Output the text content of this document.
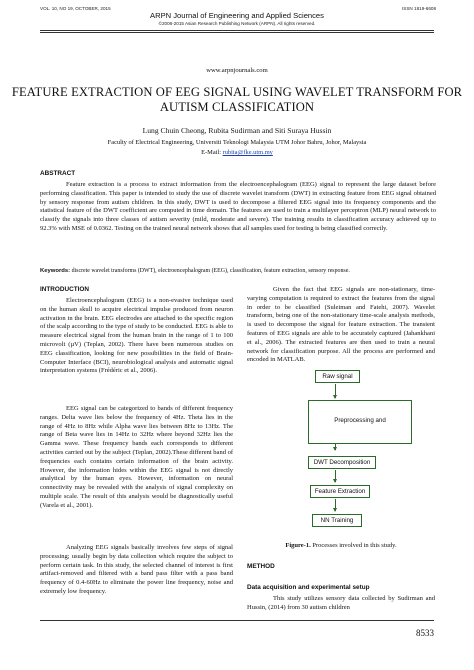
VOL. 10, NO 19, OCTOBER, 2015	ISSN 1819-6608
ARPN Journal of Engineering and Applied Sciences
©2006-2015 Asian Research Publishing Network (ARPN). All rights reserved.
www.arpnjournals.com
FEATURE EXTRACTION OF EEG SIGNAL USING WAVELET TRANSFORM FOR AUTISM CLASSIFICATION
Lung Chuin Cheong, Rubita Sudirman and Siti Suraya Hussin
Faculty of Electrical Engineering, Universiti Teknologi Malaysia UTM Johor Bahru, Johor, Malaysia
E-Mail: rubita@fke.utm.my
ABSTRACT
Feature extraction is a process to extract information from the electroencephalogram (EEG) signal to represent the large dataset before performing classification. This paper is intended to study the use of discrete wavelet transform (DWT) in extracting feature from EEG signal obtained by sensory response from autism children. In this study, DWT is used to decompose a filtered EEG signal into its frequency components and the statistical feature of the DWT coefficient are computed in time domain. The features are used to train a multilayer perceptron (MLP) neural network to classify the signals into three classes of autism severity (mild, moderate and severe). The training results in classification accuracy achieved up to 92.3% with MSE of 0.0362. Testing on the trained neural network shows that all samples used for testing is being classified correctly.
Keywords: discrete wavelet transforms (DWT), electroencephalogram (EEG), classification, feature extraction, sensory response.
INTRODUCTION
Electroencephalogram (EEG) is a non-evasive technique used on the human skull to acquire electrical impulse produced from neuron activation in the brain. EEG electrodes are attached to the specific region of the scalp according to the type of study to be conducted. EEG is able to measure electrical signal from the human brain in the range of 1 to 100 microvolt (µV) (Teplan, 2002). There have been numerous studies on EEG classification, looking for new possibilities in the field of Brain-Computer Interface (BCI), neurobiological analysis and automatic signal interpretation systems (Frédéric et al., 2006).
EEG signal can be categorized to bands of different frequency ranges. Delta wave lies below the frequency of 4Hz. Theta lies in the range of 4Hz to 8Hz while Alpha wave lies between 8Hz to 13Hz. The range of Beta wave lies in 14Hz to 32Hz where beyond 32Hz lies the Gamma wave. These frequency bands each corresponds to different activities carried out by the subject (Teplan, 2002).These different band of frequencies each contains certain information of the brain activity. However, the information hides within the EEG signal is not directly analytical by the human eyes. However, information on neural connectivity may be revealed with the analysis of signal complexity on multiple scale. The result of this analysis would be diagnostically useful (Varela et al., 2001).
Analyzing EEG signals basically involves few steps of signal processing; usually begin by data collection which require the subject to perform certain task. In this study, the selected channel of interest is first artifact-removed and filtered with a band pass filter with a pass band frequency of 0.4-60Hz to eliminate the power line frequency, noise and extremely low frequency.
Given the fact that EEG signals are non-stationary, time-varying computation is required to extract the features from the signal in order to be classified (Suleiman and Fatehi, 2007). Wavelet transform, being one of the non-stationary time-scale analysis methods, is used to decompose the signal for feature extraction. The transient features of EEG signals are able to be accurately captured (Jahankhani et al., 2006). The extracted features are then used to train a neural network for classification purpose. All the process are performed and encoded in MATLAB.
Raw signal
Preprocessing and
DWT Decomposition
Feature Extraction
NN Training
Figure-1. Processes involved in this study.
METHOD
Data acquisition and experimental setup
This study utilizes sensory data collected by Sudirman and Hussin, (2014) from 30 autism children
8533
